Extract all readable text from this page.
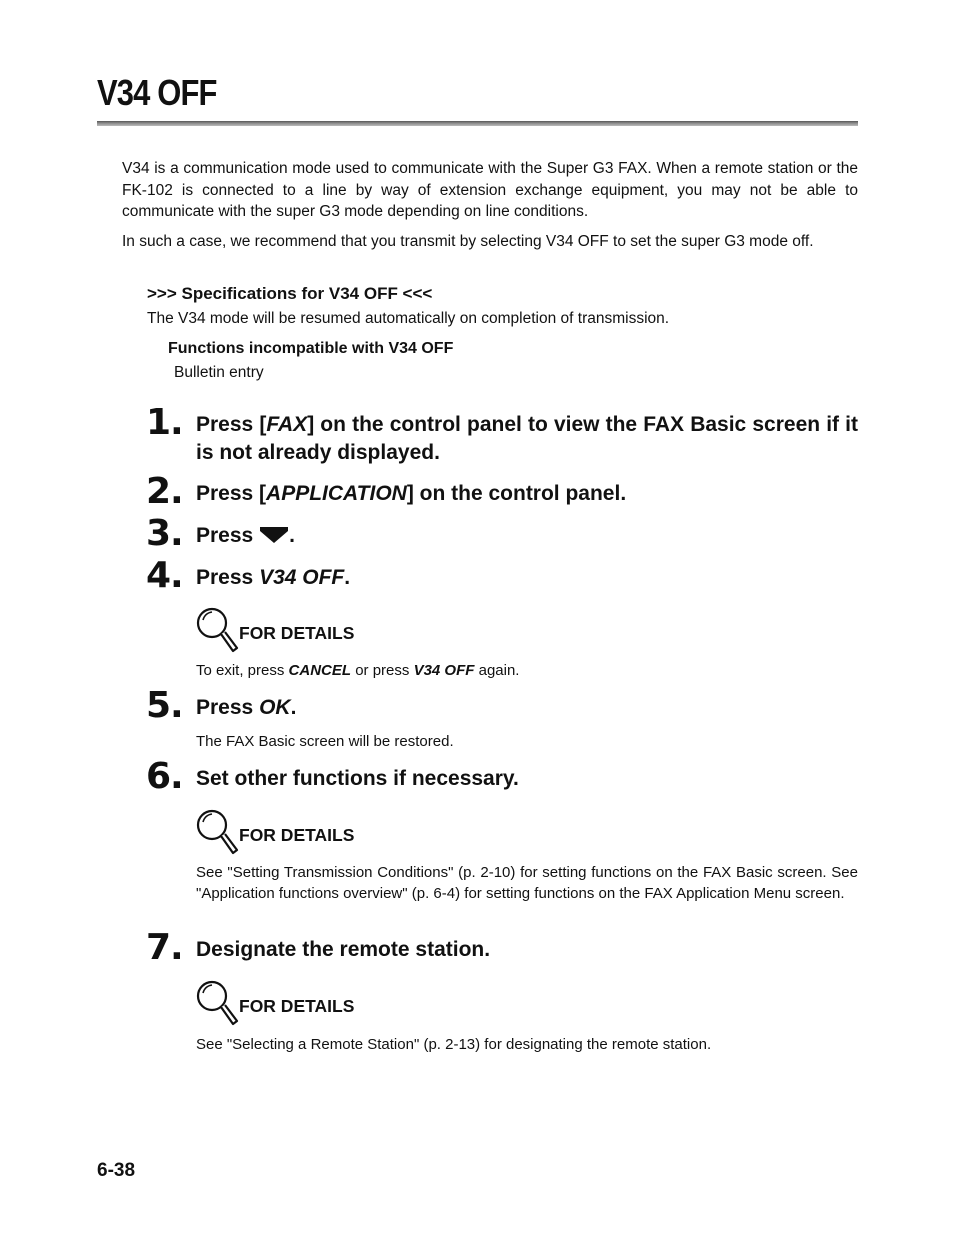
V34 OFF

V34 is a communication mode used to communicate with the Super G3 FAX. When a remote station or the FK-102 is connected to a line by way of extension exchange equipment, you may not be able to communicate with the super G3 mode depending on line conditions.

In such a case, we recommend that you transmit by selecting V34 OFF to set the super G3 mode off.

>>> Specifications for V34 OFF <<<

The V34 mode will be resumed automatically on completion of transmission.

Functions incompatible with V34 OFF

Bulletin entry

1. Press [FAX] on the control panel to view the FAX Basic screen if it is not already displayed.

2. Press [APPLICATION] on the control panel.

3. Press .

4. Press V34 OFF.

FOR DETAILS

To exit, press CANCEL or press V34 OFF again.

5. Press OK.

The FAX Basic screen will be restored.

6. Set other functions if necessary.

FOR DETAILS

See "Setting Transmission Conditions" (p. 2-10) for setting functions on the FAX Basic screen. See "Application functions overview" (p. 6-4) for setting functions on the FAX Application Menu screen.

7. Designate the remote station.

FOR DETAILS

See "Selecting a Remote Station" (p. 2-13) for designating the remote station.

6-38
